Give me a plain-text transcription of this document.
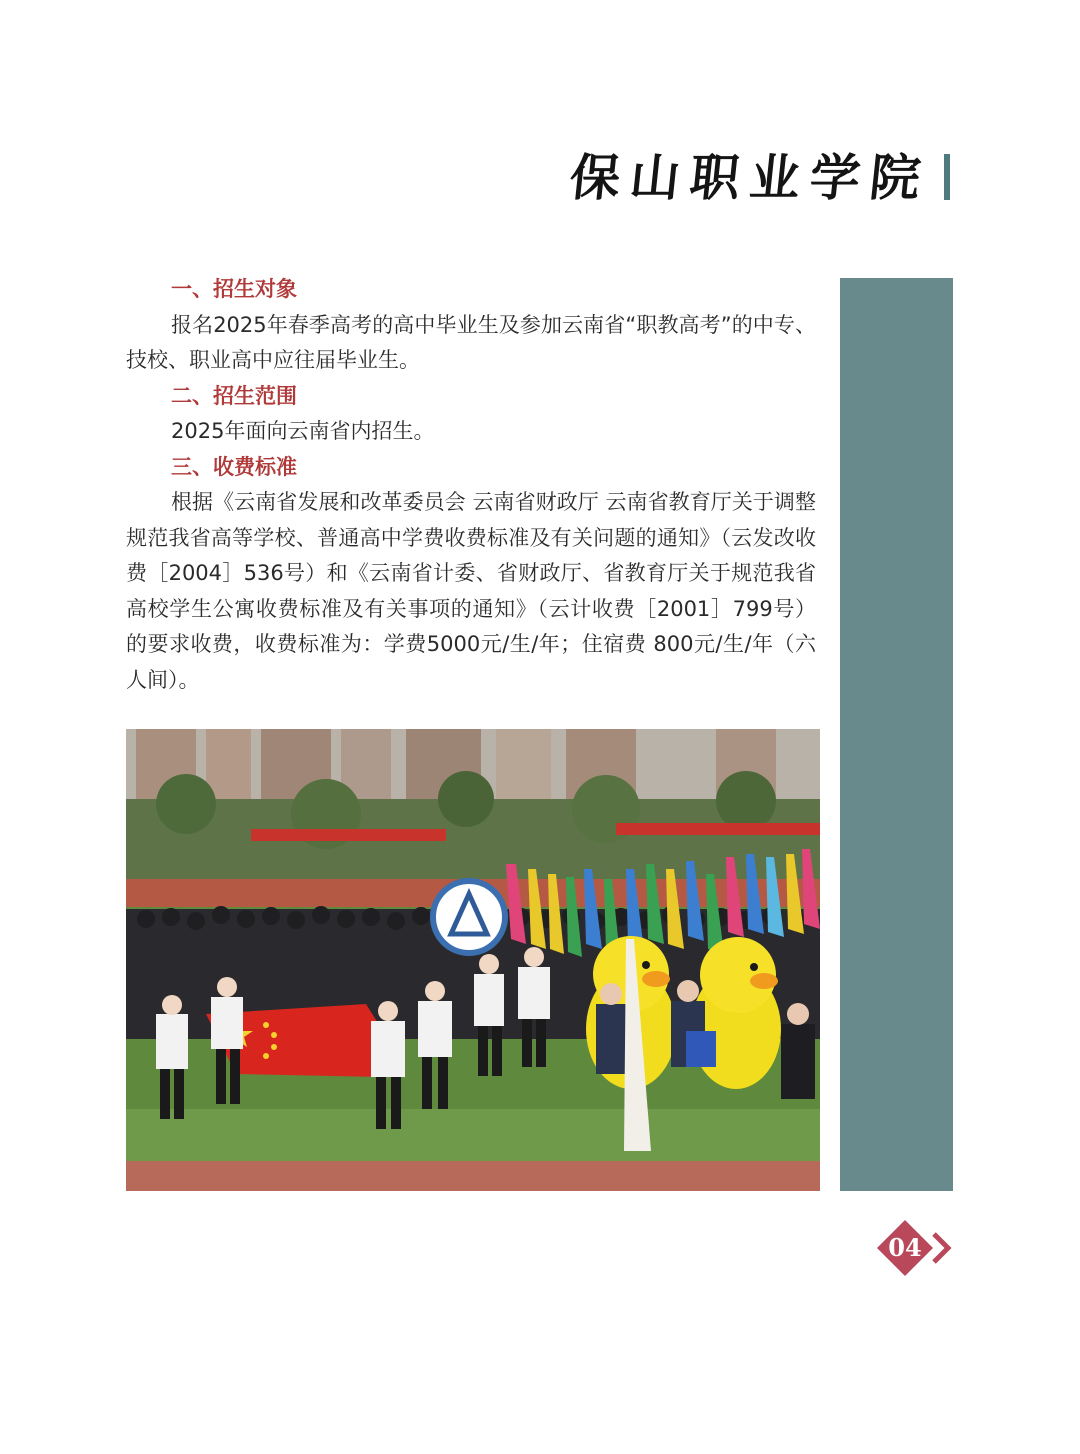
保山职业学院

一、招生对象

报名2025年春季高考的高中毕业生及参加云南省“职教高考”的中专、技校、职业高中应往届毕业生。

二、招生范围

2025年面向云南省内招生。

三、收费标准

根据《云南省发展和改革委员会 云南省财政厅 云南省教育厅关于调整规范我省高等学校、普通高中学费收费标准及有关问题的通知》（云发改收费［2004］536号）和《云南省计委、省财政厅、省教育厅关于规范我省高校学生公寓收费标准及有关事项的通知》（云计收费［2001］799号）的要求收费，收费标准为：学费5000元/生/年；住宿费 800元/生/年（六人间）。

04
